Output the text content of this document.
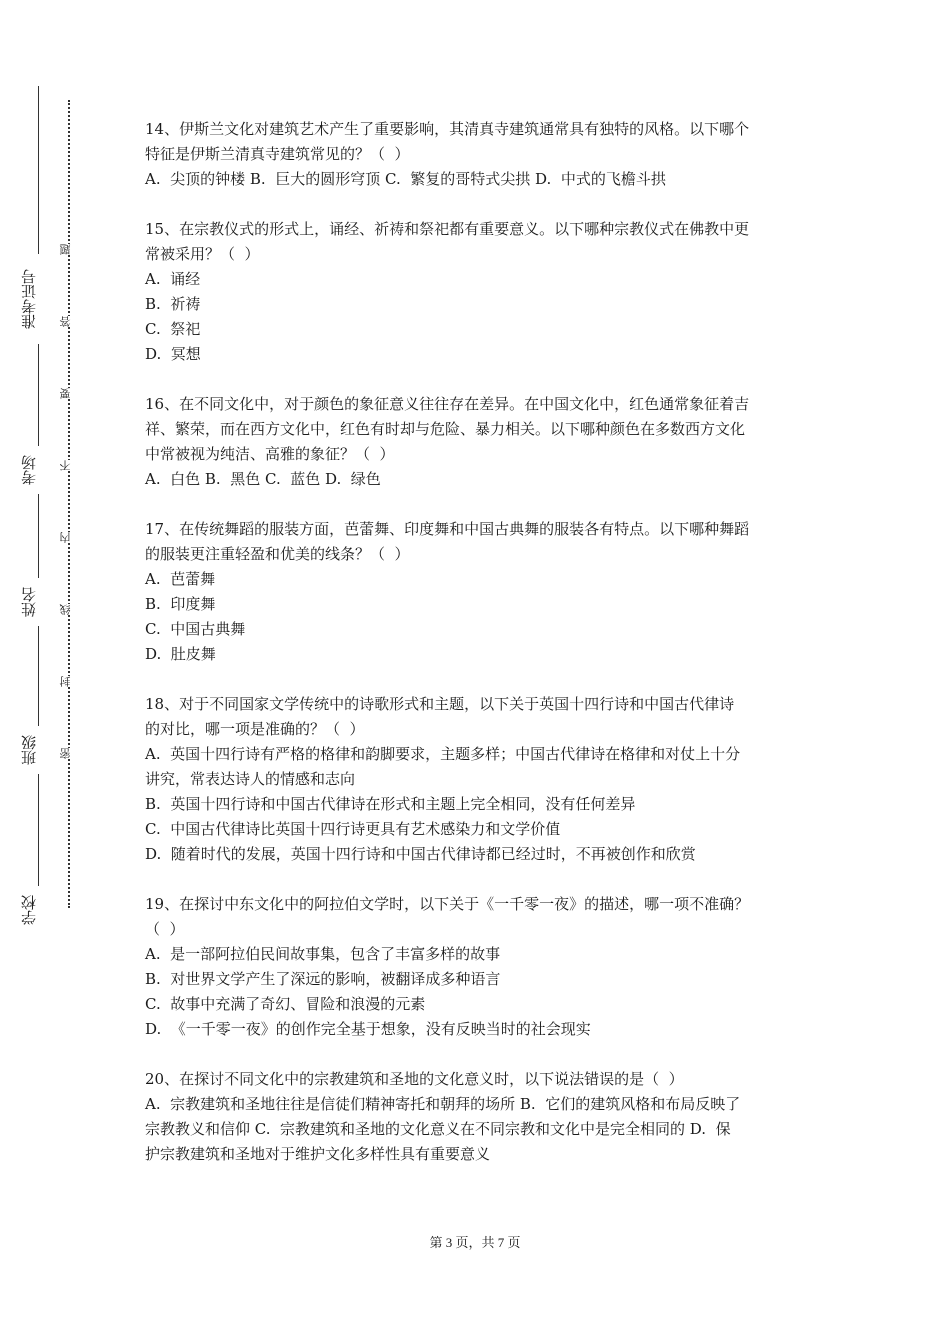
准考证号
考场
姓名
班级
学校
题
答
要
不
内
线
封
密

14、伊斯兰文化对建筑艺术产生了重要影响，其清真寺建筑通常具有独特的风格。以下哪个

特征是伊斯兰清真寺建筑常见的？（  ）

A.  尖顶的钟楼 B.  巨大的圆形穹顶 C.  繁复的哥特式尖拱 D.  中式的飞檐斗拱

15、在宗教仪式的形式上，诵经、祈祷和祭祀都有重要意义。以下哪种宗教仪式在佛教中更

常被采用？（  ）

A.  诵经

B.  祈祷

C.  祭祀

D.  冥想

16、在不同文化中，对于颜色的象征意义往往存在差异。在中国文化中，红色通常象征着吉

祥、繁荣，而在西方文化中，红色有时却与危险、暴力相关。以下哪种颜色在多数西方文化

中常被视为纯洁、高雅的象征？（  ）

A.  白色 B.  黑色 C.  蓝色 D.  绿色

17、在传统舞蹈的服装方面，芭蕾舞、印度舞和中国古典舞的服装各有特点。以下哪种舞蹈

的服装更注重轻盈和优美的线条？（  ）

A.  芭蕾舞

B.  印度舞

C.  中国古典舞

D.  肚皮舞

18、对于不同国家文学传统中的诗歌形式和主题，以下关于英国十四行诗和中国古代律诗

的对比，哪一项是准确的？（  ）

A.  英国十四行诗有严格的格律和韵脚要求，主题多样；中国古代律诗在格律和对仗上十分

讲究，常表达诗人的情感和志向

B.  英国十四行诗和中国古代律诗在形式和主题上完全相同，没有任何差异

C.  中国古代律诗比英国十四行诗更具有艺术感染力和文学价值

D.  随着时代的发展，英国十四行诗和中国古代律诗都已经过时，不再被创作和欣赏

19、在探讨中东文化中的阿拉伯文学时，以下关于《一千零一夜》的描述，哪一项不准确？

（  ）

A.  是一部阿拉伯民间故事集，包含了丰富多样的故事

B.  对世界文学产生了深远的影响，被翻译成多种语言

C.  故事中充满了奇幻、冒险和浪漫的元素

D.  《一千零一夜》的创作完全基于想象，没有反映当时的社会现实

20、在探讨不同文化中的宗教建筑和圣地的文化意义时，以下说法错误的是（  ）

A.  宗教建筑和圣地往往是信徒们精神寄托和朝拜的场所 B.  它们的建筑风格和布局反映了

宗教教义和信仰 C.  宗教建筑和圣地的文化意义在不同宗教和文化中是完全相同的 D.  保

护宗教建筑和圣地对于维护文化多样性具有重要意义

第 3 页，共 7 页
